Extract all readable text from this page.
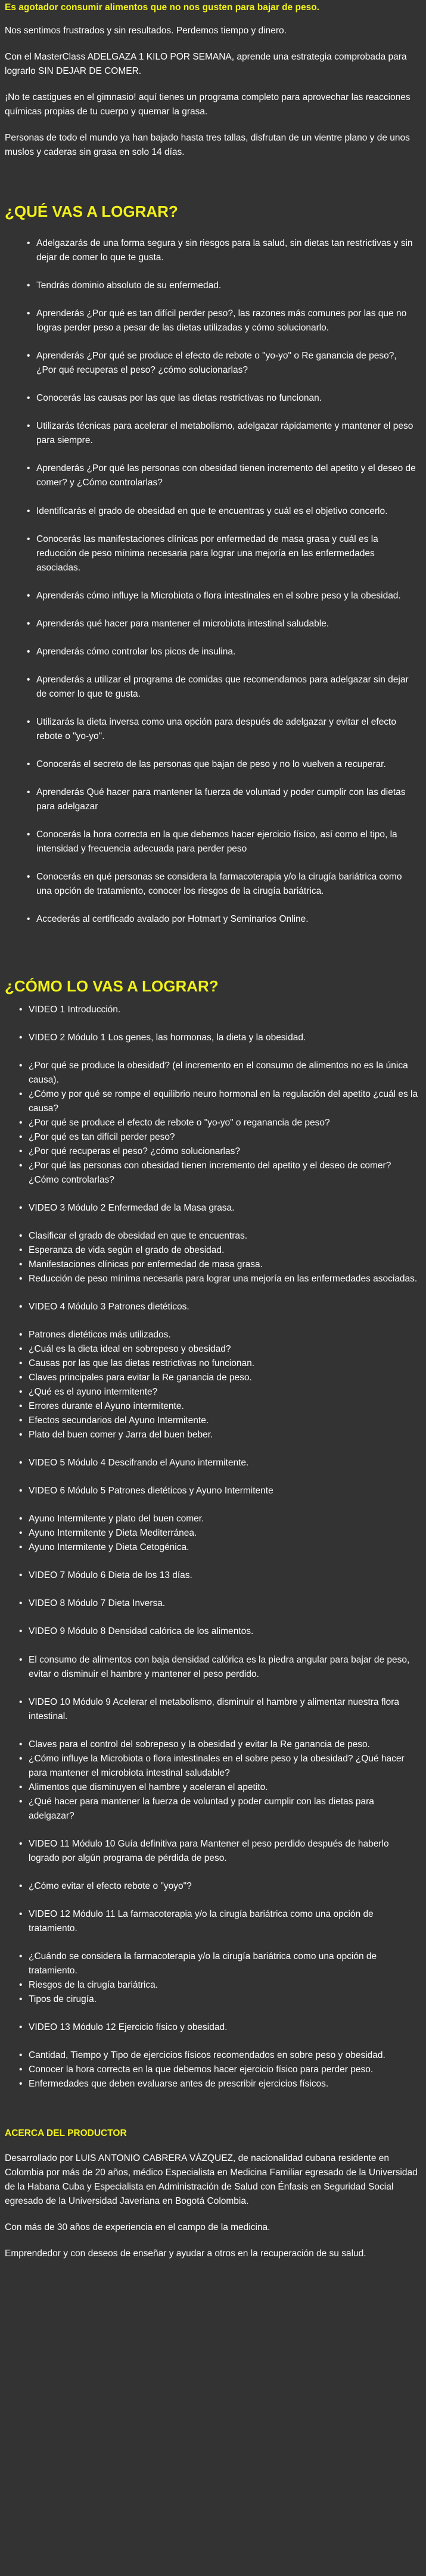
Es agotador consumir alimentos que no nos gusten para bajar de peso.

Nos sentimos frustrados y sin resultados. Perdemos tiempo y dinero.

Con el MasterClass ADELGAZA 1 KILO POR SEMANA, aprende una estrategia comprobada para lograrlo SIN DEJAR DE COMER.

¡No te castigues en el gimnasio! aquí tienes un programa completo para aprovechar las reacciones químicas propias de tu cuerpo y quemar la grasa.

Personas de todo el mundo ya han bajado hasta tres tallas, disfrutan de un vientre plano y de unos muslos y caderas sin grasa en solo 14 días.

¿QUÉ VAS A LOGRAR?
• Adelgazarás de una forma segura y sin riesgos para la salud, sin dietas tan restrictivas y sin dejar de comer lo que te gusta.
• Tendrás dominio absoluto de su enfermedad.
• Aprenderás ¿Por qué es tan difícil perder peso?, las razones más comunes por las que no logras perder peso a pesar de las dietas utilizadas y cómo solucionarlo.
• Aprenderás ¿Por qué se produce el efecto de rebote o "yo-yo" o Re ganancia de peso?, ¿Por qué recuperas el peso? ¿cómo solucionarlas?
• Conocerás las causas por las que las dietas restrictivas no funcionan.
• Utilizarás técnicas para acelerar el metabolismo, adelgazar rápidamente y mantener el peso para siempre.
• Aprenderás ¿Por qué las personas con obesidad tienen incremento del apetito y el deseo de comer? y ¿Cómo controlarlas?
• Identificarás el grado de obesidad en que te encuentras y cuál es el objetivo concerlo.
• Conocerás las manifestaciones clínicas por enfermedad de masa grasa y cuál es la reducción de peso mínima necesaria para lograr una mejoría en las enfermedades asociadas.
• Aprenderás cómo influye la Microbiota o flora intestinales en el sobre peso y la obesidad.
• Aprenderás qué hacer para mantener el microbiota intestinal saludable.
• Aprenderás cómo controlar los picos de insulina.
• Aprenderás a utilizar el programa de comidas que recomendamos para adelgazar sin dejar de comer lo que te gusta.
• Utilizarás la dieta inversa como una opción para después de adelgazar y evitar el efecto rebote o "yo-yo".
• Conocerás el secreto de las personas que bajan de peso y no lo vuelven a recuperar.
• Aprenderás Qué hacer para mantener la fuerza de voluntad y poder cumplir con las dietas para adelgazar
• Conocerás la hora correcta en la que debemos hacer ejercicio físico, así como el tipo, la intensidad y frecuencia adecuada para perder peso
• Conocerás en qué personas se considera la farmacoterapia y/o la cirugía bariátrica como una opción de tratamiento, conocer los riesgos de la cirugía bariátrica.
• Accederás al certificado avalado por Hotmart y Seminarios Online.
¿CÓMO LO VAS A LOGRAR?
• VIDEO 1 Introducción.
• VIDEO 2 Módulo 1 Los genes, las hormonas, la dieta y la obesidad.
• ¿Por qué se produce la obesidad? (el incremento en el consumo de alimentos no es la única causa).
• ¿Cómo y por qué se rompe el equilibrio neuro hormonal en la regulación del apetito ¿cuál es la causa?
• ¿Por qué se produce el efecto de rebote o "yo-yo" o reganancia de peso?
• ¿Por qué es tan difícil perder peso?
• ¿Por qué recuperas el peso? ¿cómo solucionarlas?
• ¿Por qué las personas con obesidad tienen incremento del apetito y el deseo de comer? ¿Cómo controlarlas?
• VIDEO 3 Módulo 2 Enfermedad de la Masa grasa.
• Clasificar el grado de obesidad en que te encuentras.
• Esperanza de vida según el grado de obesidad.
• Manifestaciones clínicas por enfermedad de masa grasa.
• Reducción de peso mínima necesaria para lograr una mejoría en las enfermedades asociadas.
• VIDEO 4 Módulo 3 Patrones dietéticos.
• Patrones dietéticos más utilizados.
• ¿Cuál es la dieta ideal en sobrepeso y obesidad?
• Causas por las que las dietas restrictivas no funcionan.
• Claves principales para evitar la Re ganancia de peso.
• ¿Qué es el ayuno intermitente?
• Errores durante el Ayuno intermitente.
• Efectos secundarios del Ayuno Intermitente.
• Plato del buen comer y Jarra del buen beber.
• VIDEO 5 Módulo 4 Descifrando el Ayuno intermitente.
• VIDEO 6 Módulo 5 Patrones dietéticos y Ayuno Intermitente
• Ayuno Intermitente y plato del buen comer.
• Ayuno Intermitente y Dieta Mediterránea.
• Ayuno Intermitente y Dieta Cetogénica.
• VIDEO 7 Módulo 6 Dieta de los 13 días.
• VIDEO 8 Módulo 7 Dieta Inversa.
• VIDEO 9 Módulo 8 Densidad calórica de los alimentos.
• El consumo de alimentos con baja densidad calórica es la piedra angular para bajar de peso, evitar o disminuir el hambre y mantener el peso perdido.
• VIDEO 10 Módulo 9 Acelerar el metabolismo, disminuir el hambre y alimentar nuestra flora intestinal.
• Claves para el control del sobrepeso y la obesidad y evitar la Re ganancia de peso.
• ¿Cómo influye la Microbiota o flora intestinales en el sobre peso y la obesidad? ¿Qué hacer para mantener el microbiota intestinal saludable?
• Alimentos que disminuyen el hambre y aceleran el apetito.
• ¿Qué hacer para mantener la fuerza de voluntad y poder cumplir con las dietas para adelgazar?
• VIDEO 11 Módulo 10 Guía definitiva para Mantener el peso perdido después de haberlo logrado por algún programa de pérdida de peso.
• ¿Cómo evitar el efecto rebote o "yoyo"?
• VIDEO 12 Módulo 11 La farmacoterapia y/o la cirugía bariátrica como una opción de tratamiento.
• ¿Cuándo se considera la farmacoterapia y/o la cirugía bariátrica como una opción de tratamiento.
• Riesgos de la cirugía bariátrica.
• Tipos de cirugía.
• VIDEO 13 Módulo 12 Ejercicio físico y obesidad.
• Cantidad, Tiempo y Tipo de ejercicios físicos recomendados en sobre peso y obesidad.
• Conocer la hora correcta en la que debemos hacer ejercicio físico para perder peso.
• Enfermedades que deben evaluarse antes de prescribir ejercicios físicos.
ACERCA DEL PRODUCTOR

Desarrollado por LUIS ANTONIO CABRERA VÁZQUEZ, de nacionalidad cubana residente en Colombia por más de 20 años, médico Especialista en Medicina Familiar egresado de la Universidad de la Habana Cuba y Especialista en Administración de Salud con Énfasis en Seguridad Social egresado de la Universidad Javeriana en Bogotá Colombia.

Con más de 30 años de experiencia en el campo de la medicina.

Emprendedor y con deseos de enseñar y ayudar a otros en la recuperación de su salud.
